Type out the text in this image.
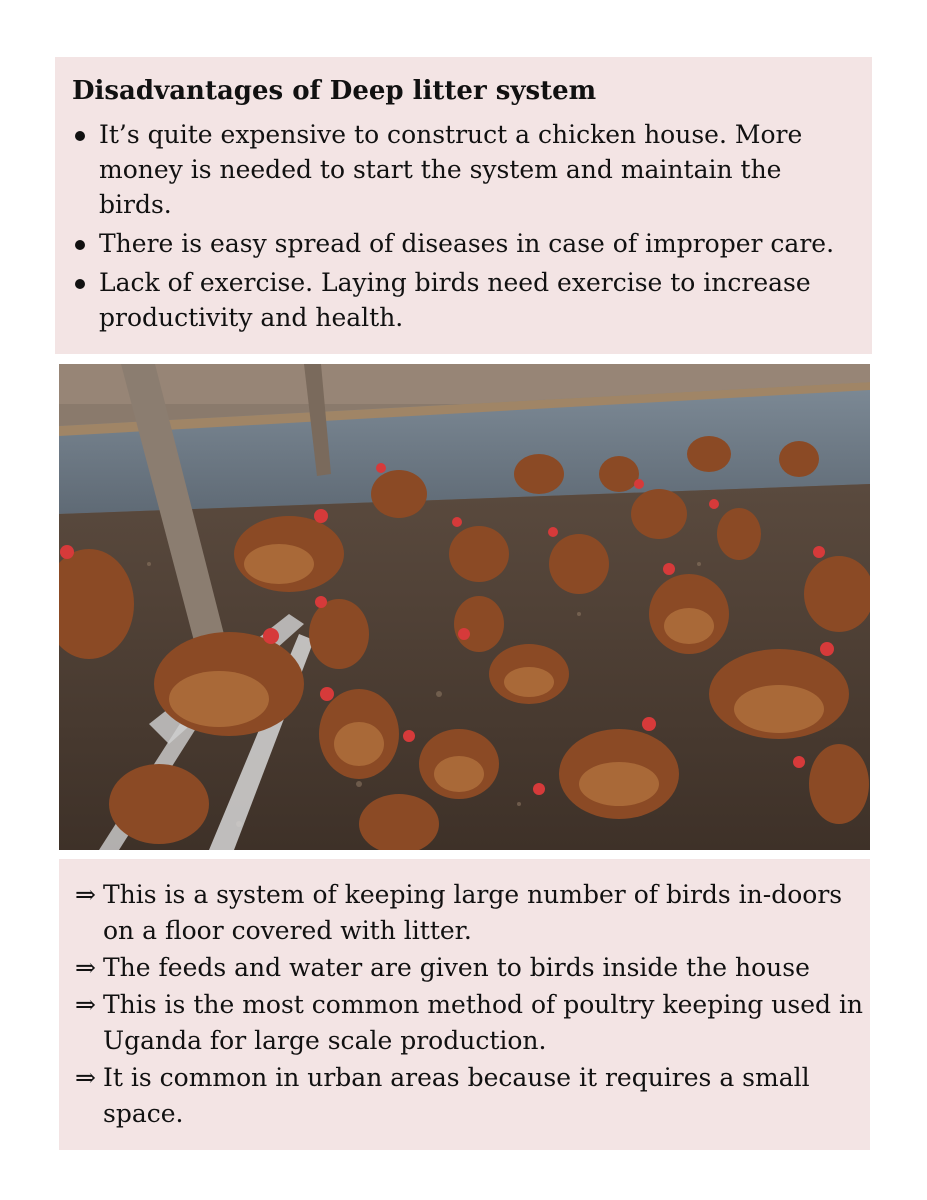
Disadvantages of Deep litter system
It’s quite expensive to construct a chicken house. More money is needed to start the system and maintain the birds.
There is easy spread of diseases in case of improper care.
Lack of exercise. Laying birds need exercise to increase productivity and health.
⇒ This is a system of keeping large number of birds in-doors on a floor covered with litter.
⇒ The feeds and water are given to birds inside the house
⇒ This is the most common method of poultry keeping used in Uganda for large scale production.
⇒ It is common in urban areas because it requires a small space.
